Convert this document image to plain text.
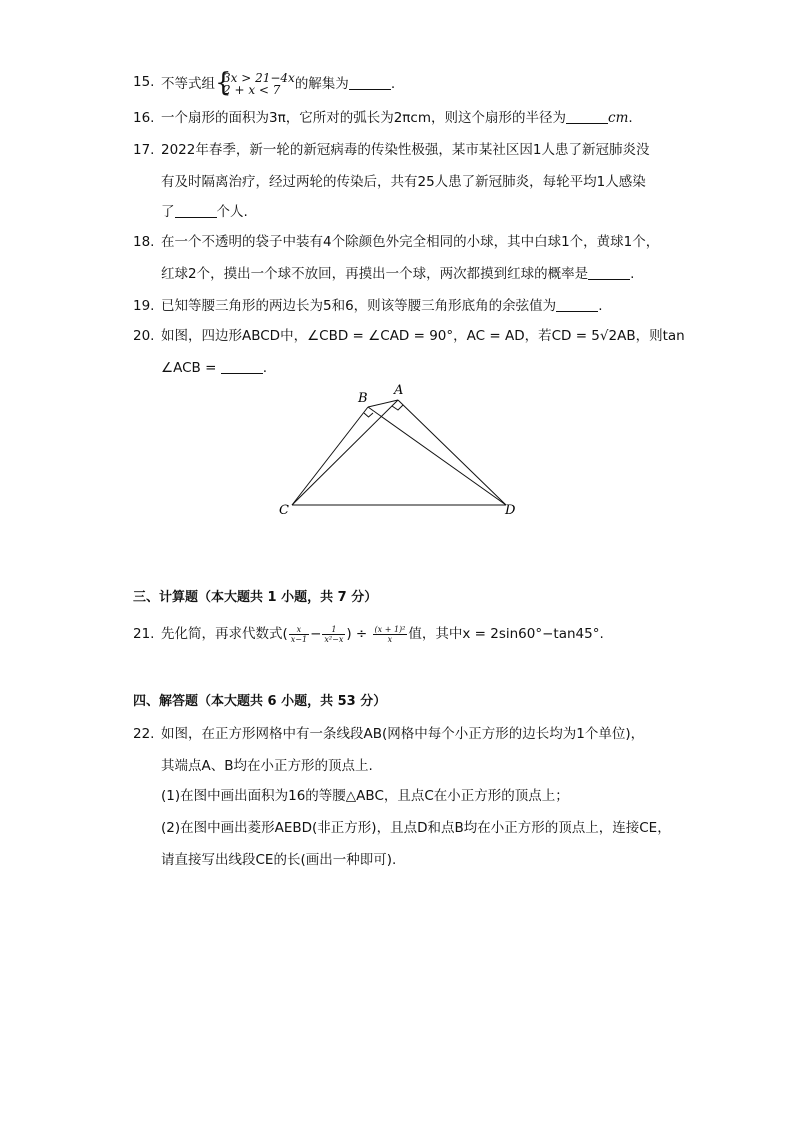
15. 不等式组 {
3x > 21−4x
2 + x < 7	的解集为	.
16. 一个扇形的面积为3π，它所对的弧长为2πcm，则这个扇形的半径为	cm.
17. 2022年春季，新一轮的新冠病毒的传染性极强，某市某社区因1人患了新冠肺炎没
有及时隔离治疗，经过两轮的传染后，共有25人患了新冠肺炎，每轮平均1人感染
了	个人.
18. 在一个不透明的袋子中装有4个除颜色外完全相同的小球，其中白球1个，黄球1个，
红球2个，摸出一个球不放回，再摸出一个球，两次都摸到红球的概率是	.
19. 已知等腰三角形的两边长为5和6，则该等腰三角形底角的余弦值为	.
20. 如图，四边形ABCD中，∠CBD = ∠CAD = 90°，AC = AD，若CD = 5√2AB，则tan
∠ACB =	.
A
B
C	D
三、计算题（本大题共 1 小题，共 7 分）
21. 先化简，再求代数式( $\frac{x}{x-1} - \frac{1}{\text{x²−x}}$ ) ÷ $\frac{\text{(x + 1)²}}{x}$ 值，其中x = 2sin60°−tan45°.
四、解答题（本大题共 6 小题，共 53 分）
22. 如图，在正方形网格中有一条线段AB(网格中每个小正方形的边长均为1个单位)，
其端点A、B均在小正方形的顶点上.
(1)在图中画出面积为16的等腰△ABC，且点C在小正方形的顶点上；
(2)在图中画出菱形AEBD(非正方形)，且点D和点B均在小正方形的顶点上，连接CE，
请直接写出线段CE的长(画出一种即可).
